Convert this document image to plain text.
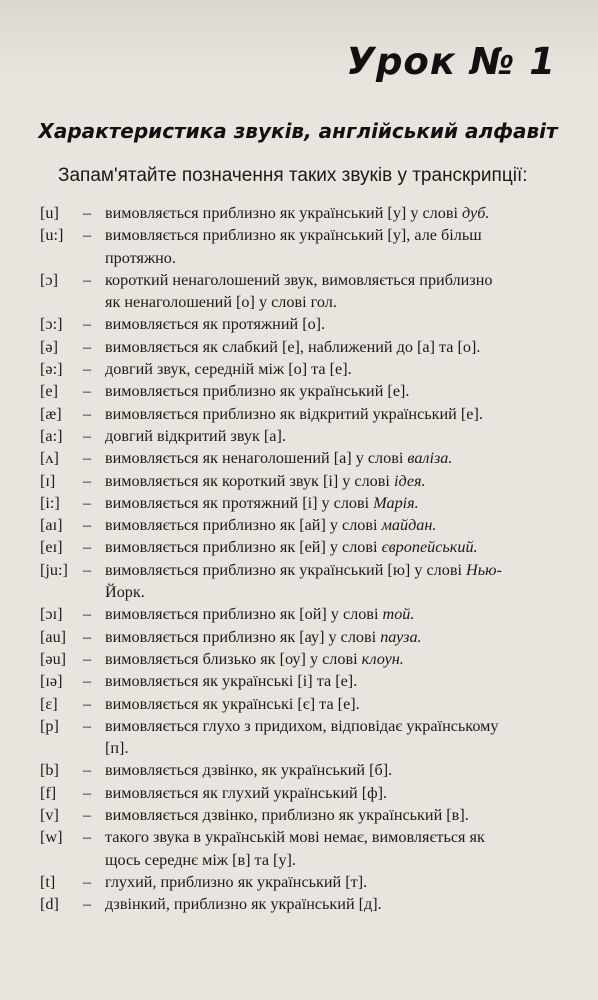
Урок № 1
Характеристика звуків, англійський алфавіт
Запам'ятайте позначення таких звуків у транскрипції:
[u]	– вимовляється приблизно як український [у] у слові дуб.
[u:]	– вимовляється приблизно як український [у], але більш
протяжно.
[ɔ]	– короткий ненаголошений звук, вимовляється приблизно
як ненаголошений [о] у слові гол.
[ɔ:]	– вимовляється як протяжний [о].
[ə]	– вимовляється як слабкий [е], наближений до [а] та [о].
[ə:]	– довгий звук, середній між [о] та [е].
[e]	– вимовляється приблизно як український [е].
[æ]	– вимовляється приблизно як відкритий український [е].
[a:]	– довгий відкритий звук [а].
[ʌ]	– вимовляється як ненаголошений [а] у слові валіза.
[ɪ]	– вимовляється як короткий звук [і] у слові ідея.
[i:]	– вимовляється як протяжний [і] у слові Марія.
[aɪ]	– вимовляється приблизно як [ай] у слові майдан.
[eɪ]	– вимовляється приблизно як [ей] у слові європейський.
[ju:] – вимовляється приблизно як український [ю] у слові Нью-
Йорк.
[ɔɪ]	– вимовляється приблизно як [ой] у слові той.
[au]	– вимовляється приблизно як [ау] у слові пауза.
[əu]	– вимовляється близько як [оу] у слові клоун.
[ɪə]	– вимовляється як українські [і] та [е].
[ɛ]	– вимовляється як українські [є] та [е].
[p]	– вимовляється глухо з придихом, відповідає українському
[п].
[b]	– вимовляється дзвінко, як український [б].
[f]	– вимовляється як глухий український [ф].
[v]	– вимовляється дзвінко, приблизно як український [в].
[w]	– такого звука в українській мові немає, вимовляється як
щось середнє між [в] та [у].
[t]	– глухий, приблизно як український [т].
[d]	– дзвінкий, приблизно як український [д].
